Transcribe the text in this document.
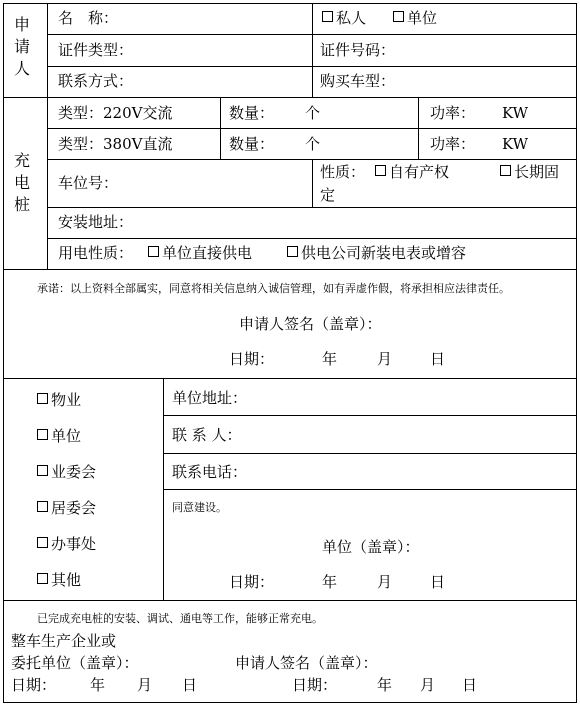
申
请
人
名　称：	私人	单位
证件类型：	证件号码：
联系方式：	购买车型：
充
电
桩
类型：220V交流	数量： 个	功率： KW
类型：380V直流	数量： 个	功率： KW
车位号：
性质：	自有产权	长期固
定
安装地址：
用电性质：	单位直接供电	供电公司新装电表或增容
承诺：以上资料全部属实，同意将相关信息纳入诚信管理，如有弄虚作假，将承担相应法律责任。
申请人签名（盖章）：
日期：	年	月	日
物业
单位
业委会
居委会
办事处
其他
单位地址：
联 系 人：
联系电话：
同意建设。
单位（盖章）：
日期：	年	月	日
已完成充电桩的安装、调试、通电等工作，能够正常充电。
整车生产企业或
委托单位（盖章）：	申请人签名（盖章）：
日期： 年 月 日	日期：	年 月 日
